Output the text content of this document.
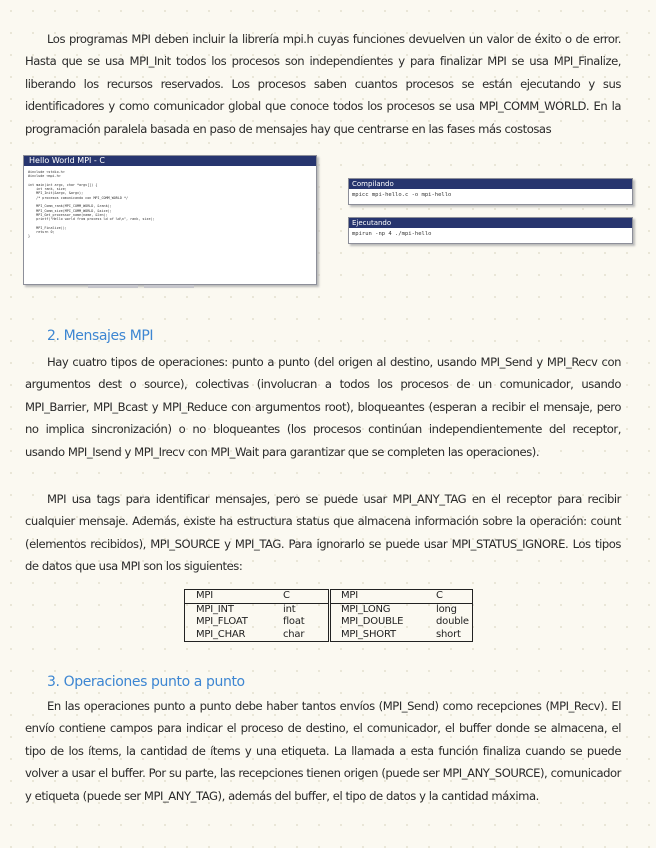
Los programas MPI deben incluir la librería mpi.h cuyas funciones devuelven un valor de éxito o de error. Hasta que se usa MPI_Init todos los procesos son independientes y para finalizar MPI se usa MPI_Finalize, liberando los recursos reservados. Los procesos saben cuantos procesos se están ejecutando y sus identificadores y como comunicador global que conoce todos los procesos se usa MPI_COMM_WORLD. En la programación paralela basada en paso de mensajes hay que centrarse en las fases más costosas

Hello World MPI - C
#include <stdio.h>
#include <mpi.h>
int main(int argc, char *argv[]) {
int rank, size;
MPI_Init(&argc, &argv);
/* procesos comunicando con MPI_COMM_WORLD */
MPI_Comm_rank(MPI_COMM_WORLD, &rank);
MPI_Comm_size(MPI_COMM_WORLD, &size);
MPI_Get_processor_name(name, &len);
printf("Hello world from process %d of %d\n", rank, size);
MPI_Finalize();
return 0;
}
Compilando
mpicc mpi-hello.c -o mpi-hello
Ejecutando
mpirun -np 4 ./mpi-hello
2. Mensajes MPI

Hay cuatro tipos de operaciones: punto a punto (del origen al destino, usando MPI_Send y MPI_Recv con argumentos dest o source), colectivas (involucran a todos los procesos de un comunicador, usando MPI_Barrier, MPI_Bcast y MPI_Reduce con argumentos root), bloqueantes (esperan a recibir el mensaje, pero no implica sincronización) o no bloqueantes (los procesos continúan independientemente del receptor, usando MPI_Isend y MPI_Irecv con MPI_Wait para garantizar que se completen las operaciones).

MPI usa tags para identificar mensajes, pero se puede usar MPI_ANY_TAG en el receptor para recibir cualquier mensaje. Además, existe ha estructura status que almacena información sobre la operación: count (elementos recibidos), MPI_SOURCE y MPI_TAG. Para ignorarlo se puede usar MPI_STATUS_IGNORE. Los tipos de datos que usa MPI son los siguientes:

MPI	C	MPI	C
MPI_INT	int	MPI_LONG	long
MPI_FLOAT	float	MPI_DOUBLE	double
MPI_CHAR	char	MPI_SHORT	short
3. Operaciones punto a punto

En las operaciones punto a punto debe haber tantos envíos (MPI_Send) como recepciones (MPI_Recv). El envío contiene campos para indicar el proceso de destino, el comunicador, el buffer donde se almacena, el tipo de los ítems, la cantidad de ítems y una etiqueta. La llamada a esta función finaliza cuando se puede volver a usar el buffer. Por su parte, las recepciones tienen origen (puede ser MPI_ANY_SOURCE), comunicador y etiqueta (puede ser MPI_ANY_TAG), además del buffer, el tipo de datos y la cantidad máxima.
